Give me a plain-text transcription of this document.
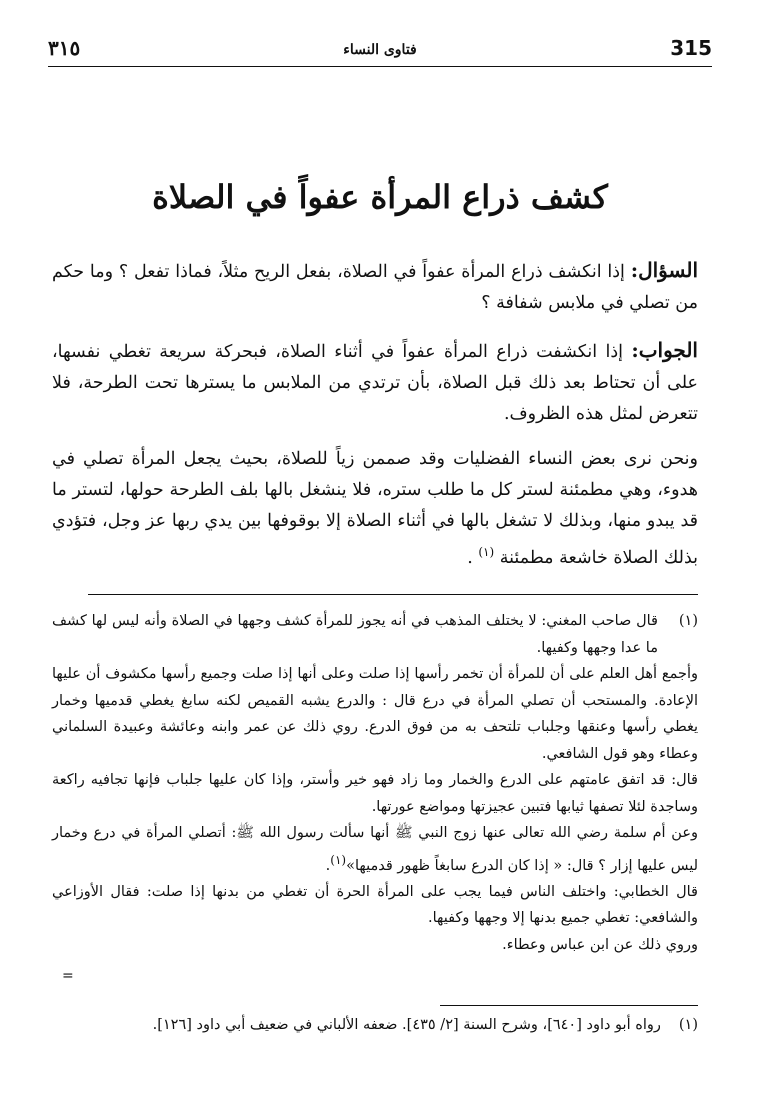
315
فتاوى النساء
٣١٥
كشف ذراع المرأة عفواً في الصلاة
السؤال: إذا انكشف ذراع المرأة عفواً في الصلاة، بفعل الريح مثلاً، فماذا تفعل ؟ وما حكم من تصلي في ملابس شفافة ؟
الجواب: إذا انكشفت ذراع المرأة عفواً في أثناء الصلاة، فبحركة سريعة تغطي نفسها، على أن تحتاط بعد ذلك قبل الصلاة، بأن ترتدي من الملابس ما يسترها تحت الطرحة، فلا تتعرض لمثل هذه الظروف.
ونحن نرى بعض النساء الفضليات وقد صممن زياً للصلاة، بحيث يجعل المرأة تصلي في هدوء، وهي مطمئنة لستر كل ما طلب ستره، فلا ينشغل بالها بلف الطرحة حولها، لتستر ما قد يبدو منها، وبذلك لا تشغل بالها في أثناء الصلاة إلا بوقوفها بين يدي ربها عز وجل، فتؤدي بذلك الصلاة خاشعة مطمئنة $^{(١)}$ .

(١)
قال صاحب المغني: لا يختلف المذهب في أنه يجوز للمرأة كشف وجهها في الصلاة وأنه ليس لها كشف ما عدا وجهها وكفيها.

وأجمع أهل العلم على أن للمرأة أن تخمر رأسها إذا صلت وعلى أنها إذا صلت وجميع رأسها مكشوف أن عليها الإعادة. والمستحب أن تصلي المرأة في درع قال : والدرع يشبه القميص لكنه سابغ يغطي قدميها وخمار يغطي رأسها وعنقها وجلباب تلتحف به من فوق الدرع. روي ذلك عن عمر وابنه وعائشة وعبيدة السلماني وعطاء وهو قول الشافعي.

قال: قد اتفق عامتهم على الدرع والخمار وما زاد فهو خير وأستر، وإذا كان عليها جلباب فإنها تجافيه راكعة وساجدة لئلا تصفها ثيابها فتبين عجيزتها ومواضع عورتها.

وعن أم سلمة رضي الله تعالى عنها زوج النبي ﷺ أنها سألت رسول الله ﷺ: أتصلي المرأة في درع وخمار ليس عليها إزار ؟ قال: « إذا كان الدرع سابغاً ظهور قدميها»$^{(١)}$.

قال الخطابي: واختلف الناس فيما يجب على المرأة الحرة أن تغطي من بدنها إذا صلت: فقال الأوزاعي والشافعي: تغطي جميع بدنها إلا وجهها وكفيها.

وروي ذلك عن ابن عباس وعطاء.

=
(١)رواه أبو داود [٦٤٠]، وشرح السنة [٢/ ٤٣٥]. ضعفه الألباني في ضعيف أبي داود [١٢٦].
